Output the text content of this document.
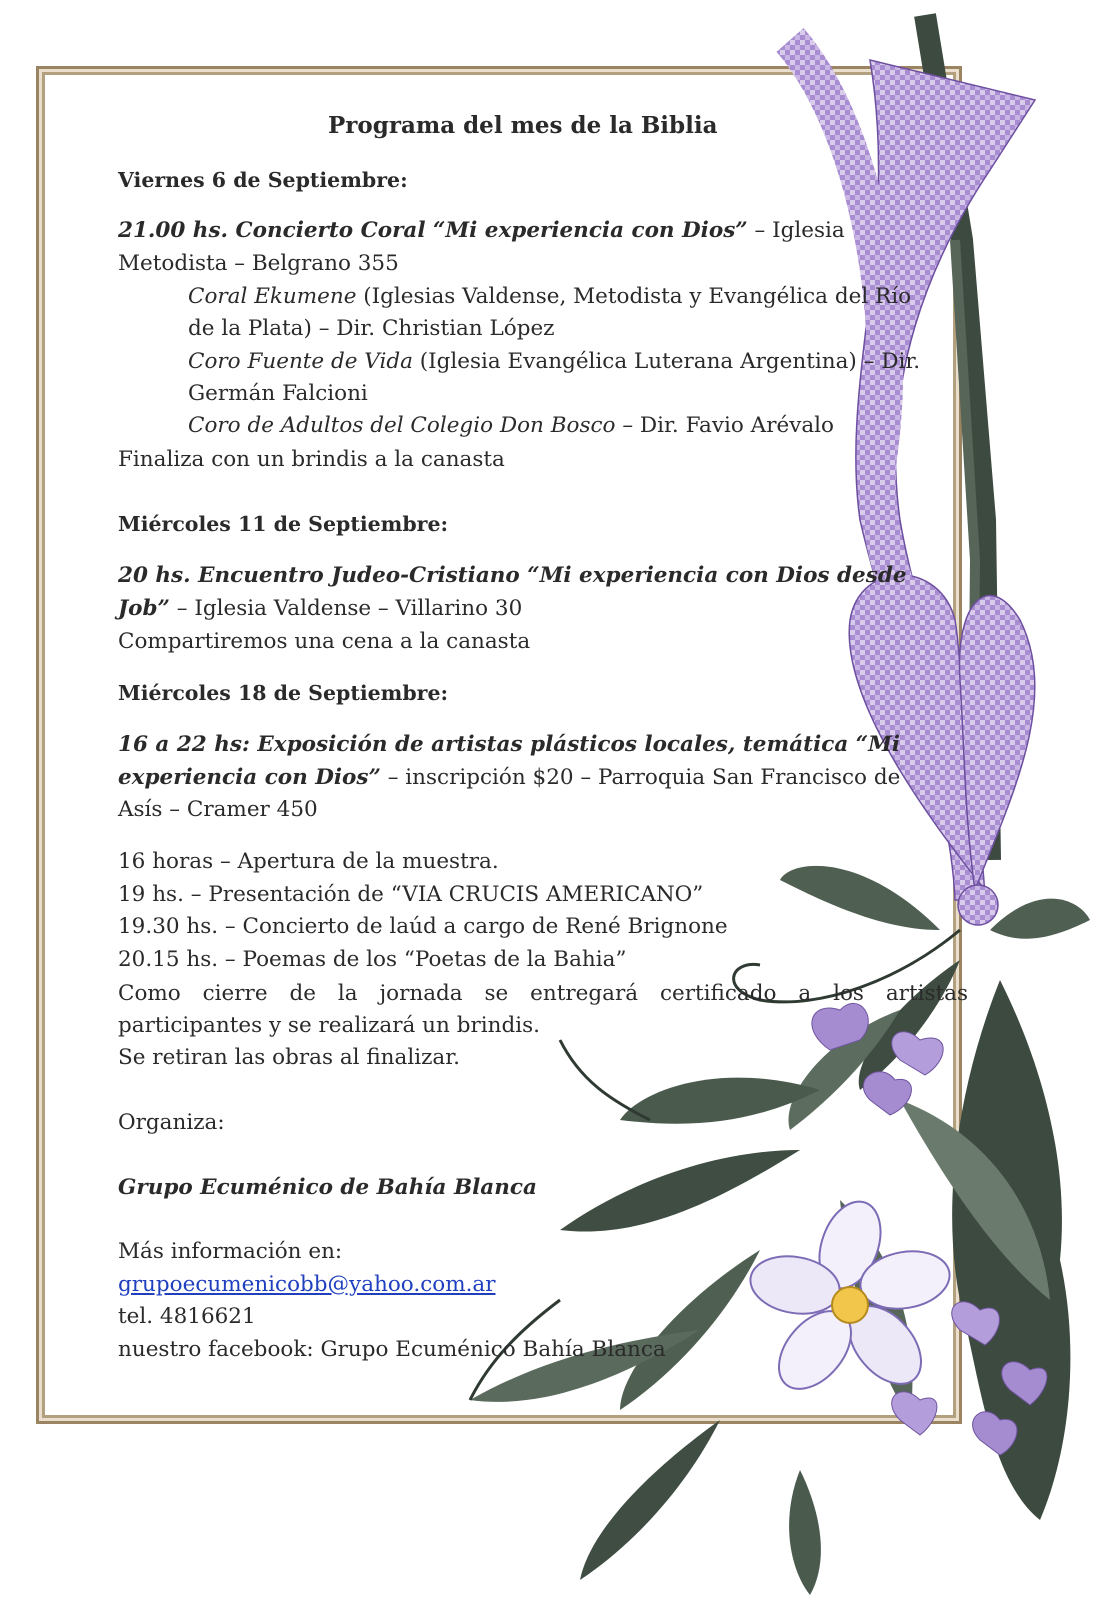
Programa del mes de la Biblia
Viernes 6 de Septiembre:
21.00 hs. Concierto Coral “Mi experiencia con Dios” – Iglesia
Metodista – Belgrano 355
Coral Ekumene (Iglesias Valdense, Metodista y Evangélica del Río
de la Plata) – Dir. Christian López
Coro Fuente de Vida (Iglesia Evangélica Luterana Argentina) – Dir.
Germán Falcioni
Coro de Adultos del Colegio Don Bosco – Dir. Favio Arévalo
Finaliza con un brindis a la canasta
Miércoles 11 de Septiembre:
20 hs. Encuentro Judeo-Cristiano “Mi experiencia con Dios desde
Job” – Iglesia Valdense – Villarino 30
Compartiremos una cena a la canasta
Miércoles 18 de Septiembre:
16 a 22 hs: Exposición de artistas plásticos locales, temática “Mi
experiencia con Dios” – inscripción $20 – Parroquia San Francisco de
Asís – Cramer 450
16 horas – Apertura de la muestra.
19 hs. – Presentación de “VIA CRUCIS AMERICANO”
19.30 hs. – Concierto de laúd a cargo de René Brignone
20.15 hs. – Poemas de los “Poetas de la Bahia”
Como cierre de la jornada se entregará certificado a los artistas
participantes y se realizará un brindis.
Se retiran las obras al finalizar.
Organiza:
Grupo Ecuménico de Bahía Blanca
Más información en:
grupoecumenicobb@yahoo.com.ar
tel. 4816621
nuestro facebook: Grupo Ecuménico Bahía Blanca
